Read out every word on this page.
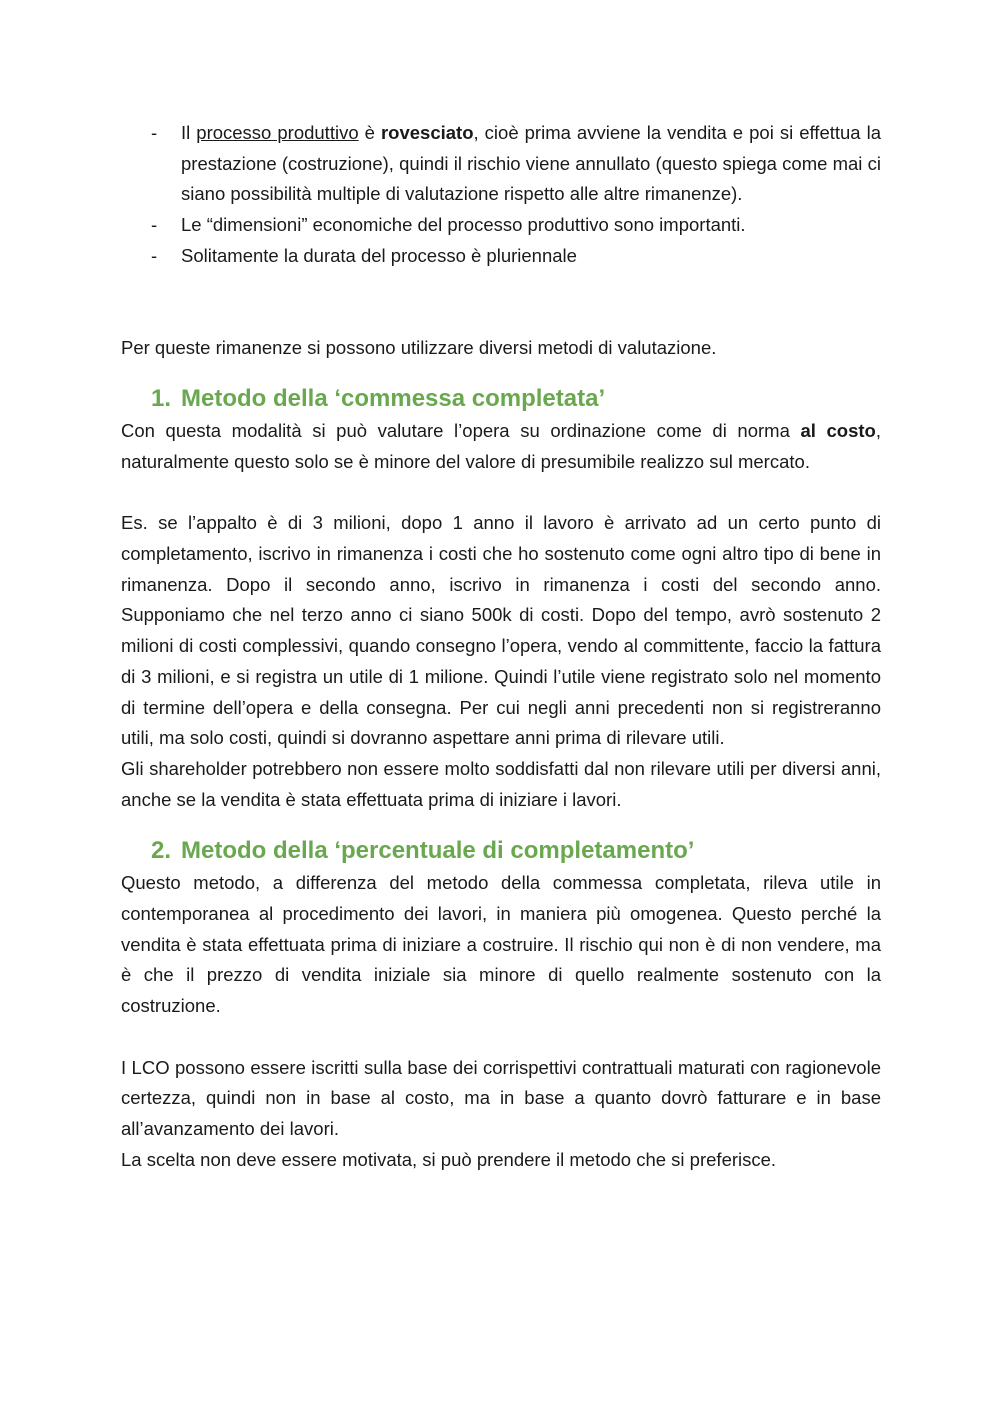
- Il processo produttivo è rovesciato, cioè prima avviene la vendita e poi si effettua la prestazione (costruzione), quindi il rischio viene annullato (questo spiega come mai ci siano possibilità multiple di valutazione rispetto alle altre rimanenze).
- Le “dimensioni” economiche del processo produttivo sono importanti.
- Solitamente la durata del processo è pluriennale

Per queste rimanenze si possono utilizzare diversi metodi di valutazione.

1. Metodo della ‘commessa completata’

Con questa modalità si può valutare l’opera su ordinazione come di norma al costo, naturalmente questo solo se è minore del valore di presumibile realizzo sul mercato.

Es. se l’appalto è di 3 milioni, dopo 1 anno il lavoro è arrivato ad un certo punto di completamento, iscrivo in rimanenza i costi che ho sostenuto come ogni altro tipo di bene in rimanenza. Dopo il secondo anno, iscrivo in rimanenza i costi del secondo anno. Supponiamo che nel terzo anno ci siano 500k di costi. Dopo del tempo, avrò sostenuto 2 milioni di costi complessivi, quando consegno l’opera, vendo al committente, faccio la fattura di 3 milioni, e si registra un utile di 1 milione. Quindi l’utile viene registrato solo nel momento di termine dell’opera e della consegna. Per cui negli anni precedenti non si registreranno utili, ma solo costi, quindi si dovranno aspettare anni prima di rilevare utili.

Gli shareholder potrebbero non essere molto soddisfatti dal non rilevare utili per diversi anni, anche se la vendita è stata effettuata prima di iniziare i lavori.

2. Metodo della ‘percentuale di completamento’

Questo metodo, a differenza del metodo della commessa completata, rileva utile in contemporanea al procedimento dei lavori, in maniera più omogenea. Questo perché la vendita è stata effettuata prima di iniziare a costruire. Il rischio qui non è di non vendere, ma è che il prezzo di vendita iniziale sia minore di quello realmente sostenuto con la costruzione.

I LCO possono essere iscritti sulla base dei corrispettivi contrattuali maturati con ragionevole certezza, quindi non in base al costo, ma in base a quanto dovrò fatturare e in base all’avanzamento dei lavori.

La scelta non deve essere motivata, si può prendere il metodo che si preferisce.
